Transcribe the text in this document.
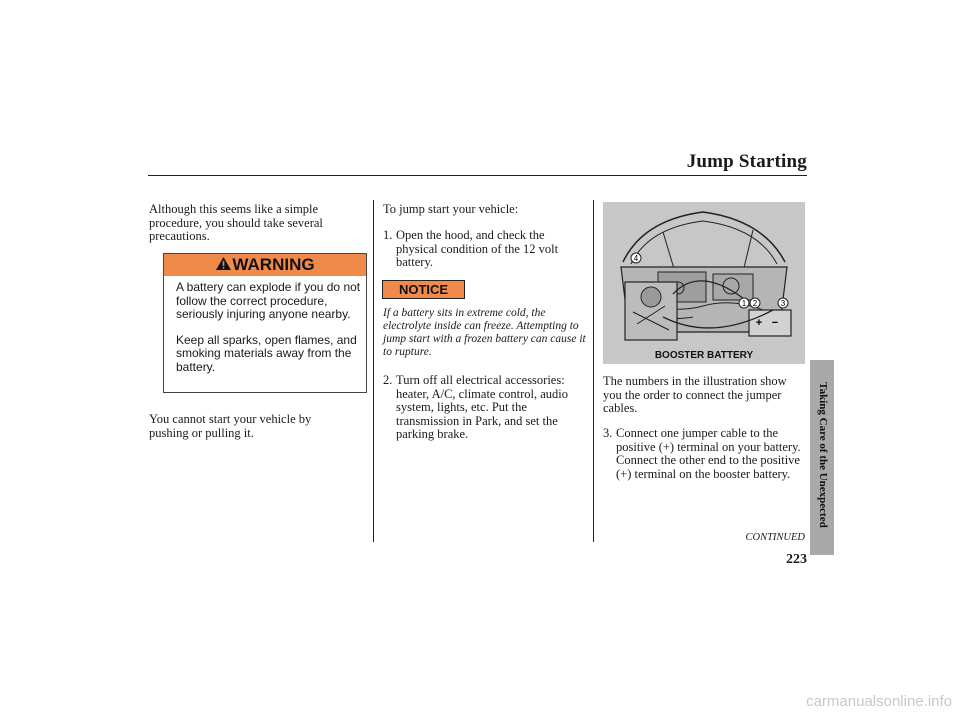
Jump Starting
Although this seems like a simple procedure, you should take several precautions.
WARNING

A battery can explode if you do not follow the correct procedure, seriously injuring anyone nearby.

Keep all sparks, open flames, and smoking materials away from the battery.

You cannot start your vehicle by pushing or pulling it.
To jump start your vehicle:
1. Open the hood, and check the physical condition of the 12 volt battery.
NOTICE
If a battery sits in extreme cold, the electrolyte inside can freeze. Attempting to jump start with a frozen battery can cause it to rupture.
2. Turn off all electrical accessories: heater, A/C, climate control, audio system, lights, etc. Put the transmission in Park, and set the parking brake.
4
1 2	3
+ −
BOOSTER BATTERY
The numbers in the illustration show you the order to connect the jumper cables.
3. Connect one jumper cable to the positive (+) terminal on your battery. Connect the other end to the positive (+) terminal on the booster battery.	Taking Care of the Unexpected
CONTINUED
223
carmanualsonline.info
